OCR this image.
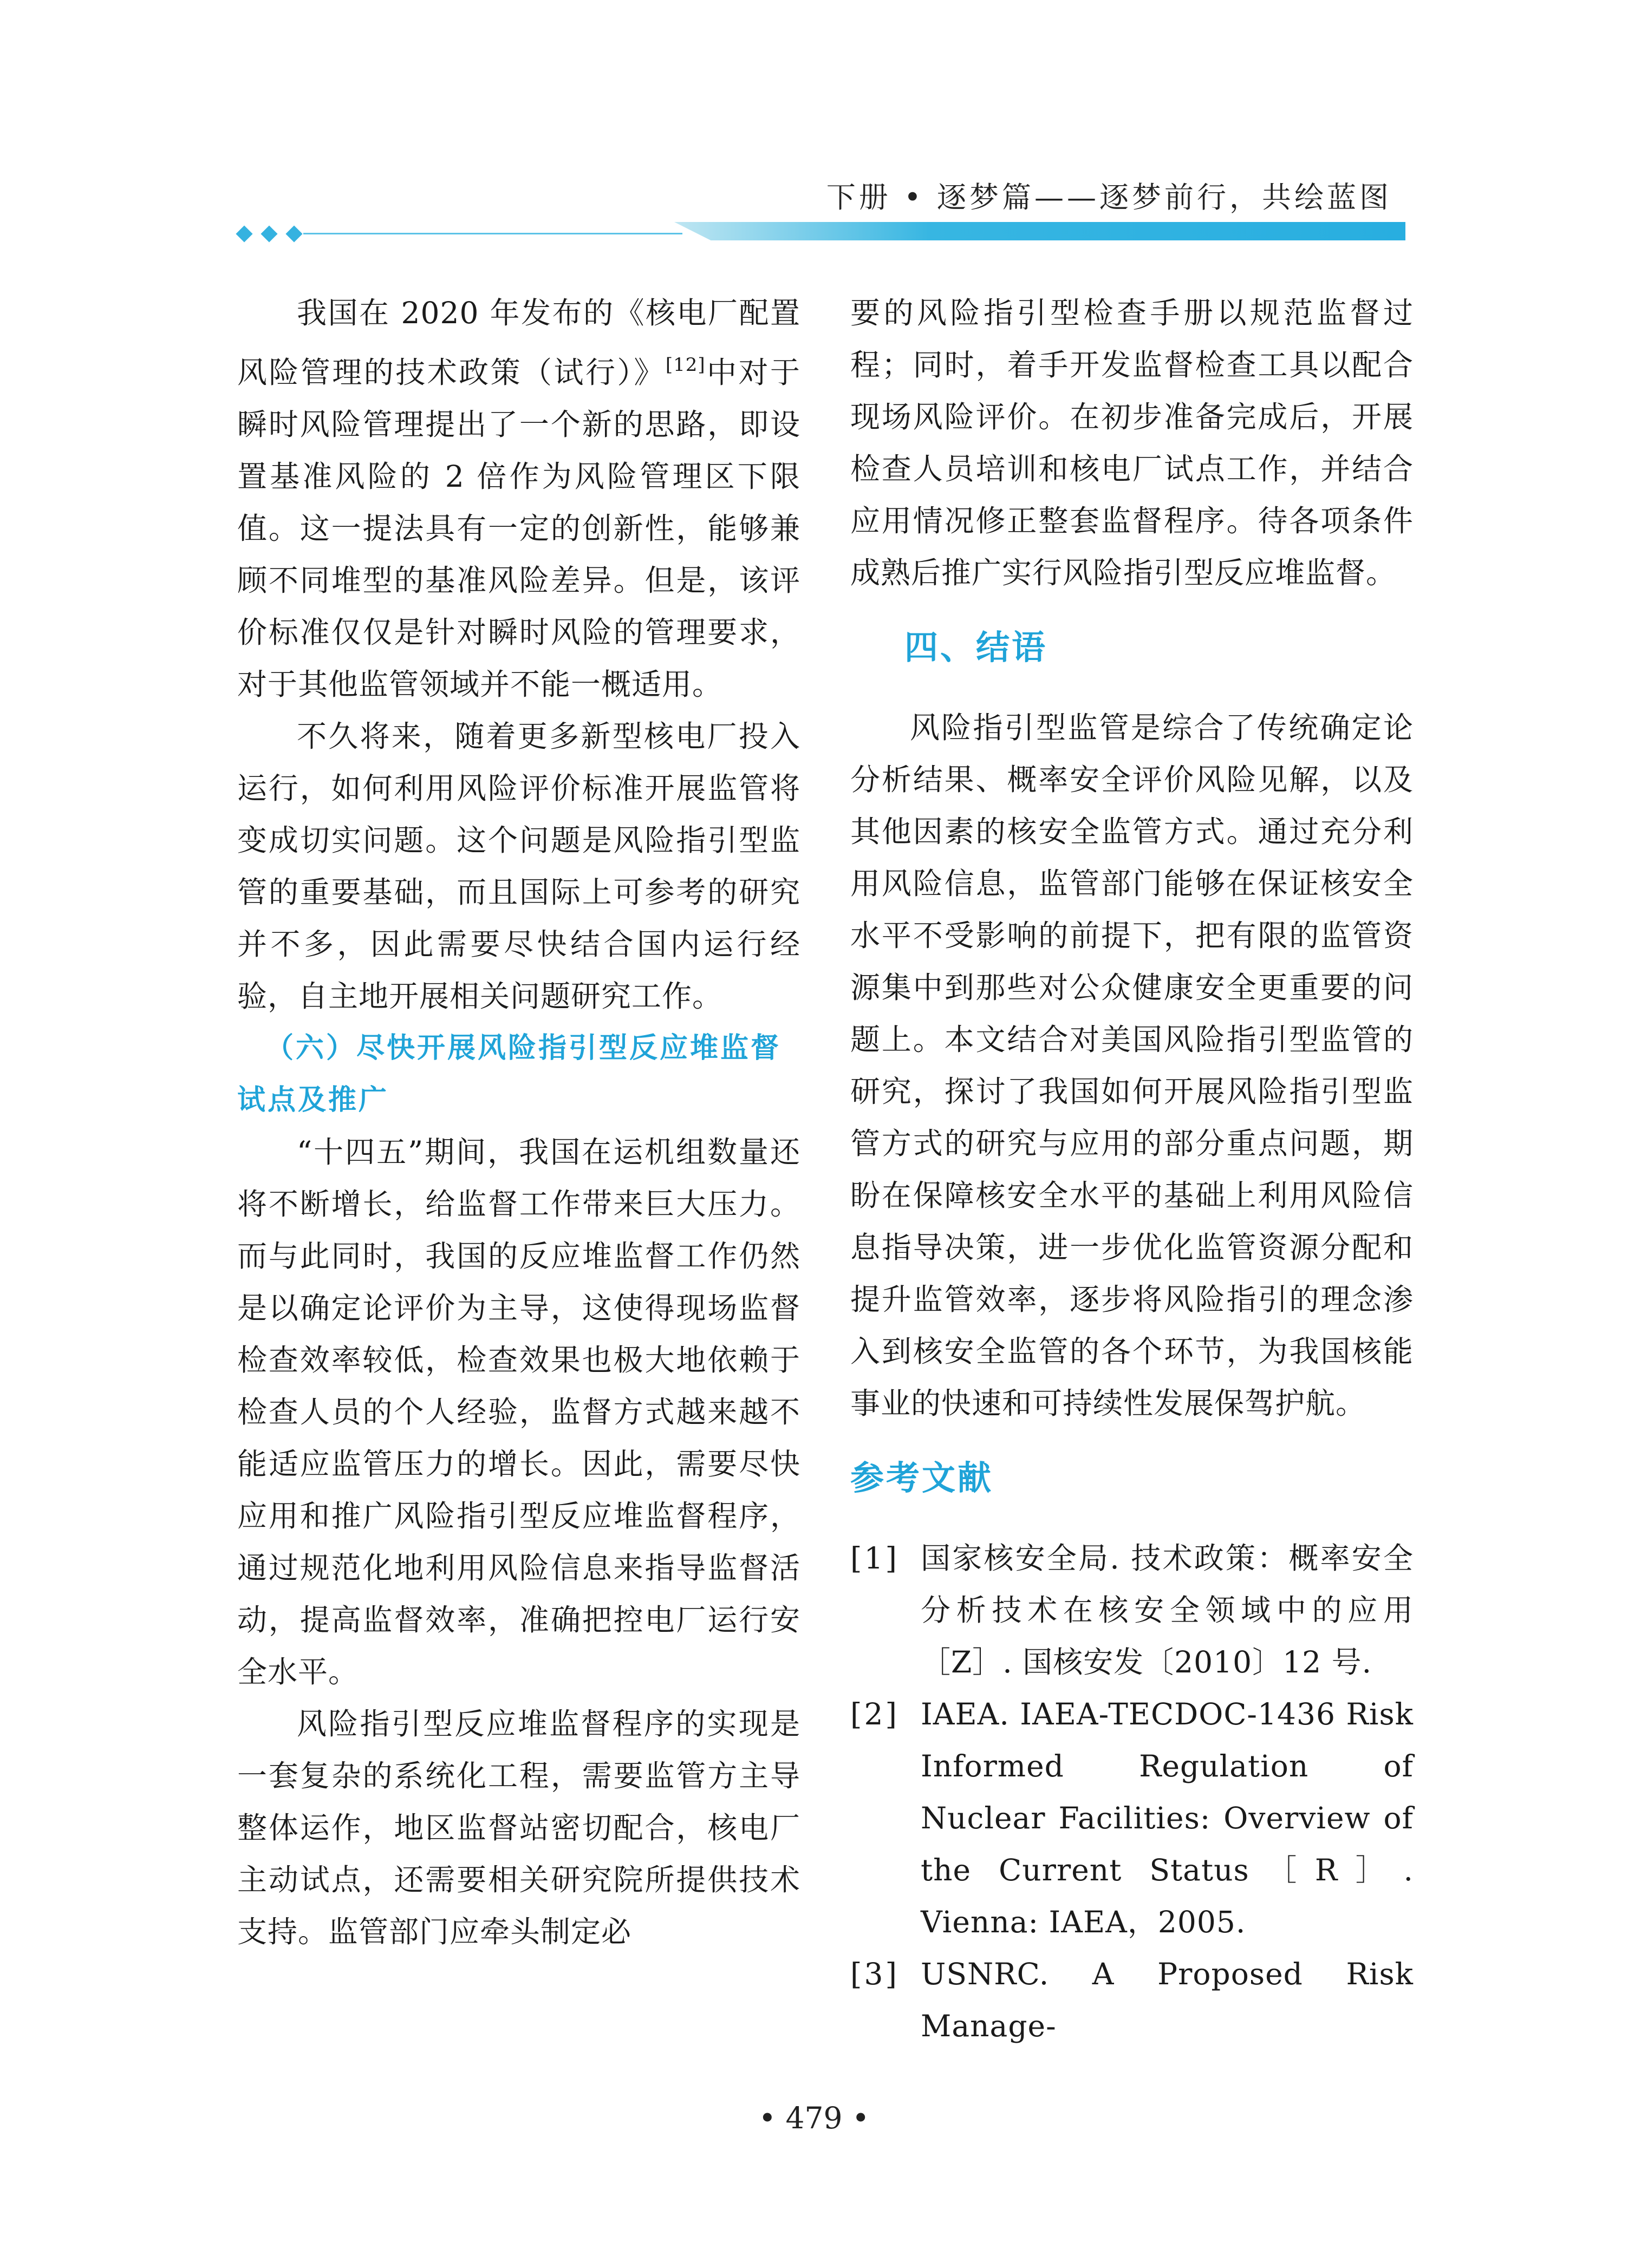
下册 • 逐梦篇——逐梦前行，共绘蓝图

我国在 2020 年发布的《核电厂配置风险管理的技术政策（试行）》[12]中对于瞬时风险管理提出了一个新的思路，即设置基准风险的 2 倍作为风险管理区下限值。这一提法具有一定的创新性，能够兼顾不同堆型的基准风险差异。但是，该评价标准仅仅是针对瞬时风险的管理要求，对于其他监管领域并不能一概适用。

不久将来，随着更多新型核电厂投入运行，如何利用风险评价标准开展监管将变成切实问题。这个问题是风险指引型监管的重要基础，而且国际上可参考的研究并不多，因此需要尽快结合国内运行经验，自主地开展相关问题研究工作。

（六）尽快开展风险指引型反应堆监督试点及推广

“十四五”期间，我国在运机组数量还将不断增长，给监督工作带来巨大压力。而与此同时，我国的反应堆监督工作仍然是以确定论评价为主导，这使得现场监督检查效率较低，检查效果也极大地依赖于检查人员的个人经验，监督方式越来越不能适应监管压力的增长。因此，需要尽快应用和推广风险指引型反应堆监督程序，通过规范化地利用风险信息来指导监督活动，提高监督效率，准确把控电厂运行安全水平。

风险指引型反应堆监督程序的实现是一套复杂的系统化工程，需要监管方主导整体运作，地区监督站密切配合，核电厂主动试点，还需要相关研究院所提供技术支持。监管部门应牵头制定必

要的风险指引型检查手册以规范监督过程；同时，着手开发监督检查工具以配合现场风险评价。在初步准备完成后，开展检查人员培训和核电厂试点工作，并结合应用情况修正整套监督程序。待各项条件成熟后推广实行风险指引型反应堆监督。

四、结语

风险指引型监管是综合了传统确定论分析结果、概率安全评价风险见解，以及其他因素的核安全监管方式。通过充分利用风险信息，监管部门能够在保证核安全水平不受影响的前提下，把有限的监管资源集中到那些对公众健康安全更重要的问题上。本文结合对美国风险指引型监管的研究，探讨了我国如何开展风险指引型监管方式的研究与应用的部分重点问题，期盼在保障核安全水平的基础上利用风险信息指导决策，进一步优化监管资源分配和提升监管效率，逐步将风险指引的理念渗入到核安全监管的各个环节，为我国核能事业的快速和可持续性发展保驾护航。

参考文献

[1] 国家核安全局. 技术政策：概率安全分析技术在核安全领域中的应用［Z］. 国核安发〔2010〕12 号.

[2] IAEA. IAEA-TECDOC-1436 Risk Informed Regulation of Nuclear Facilities: Overview of the Current Status［R］. Vienna: IAEA，2005.

[3] USNRC. A Proposed Risk Manage-

• 479 •
